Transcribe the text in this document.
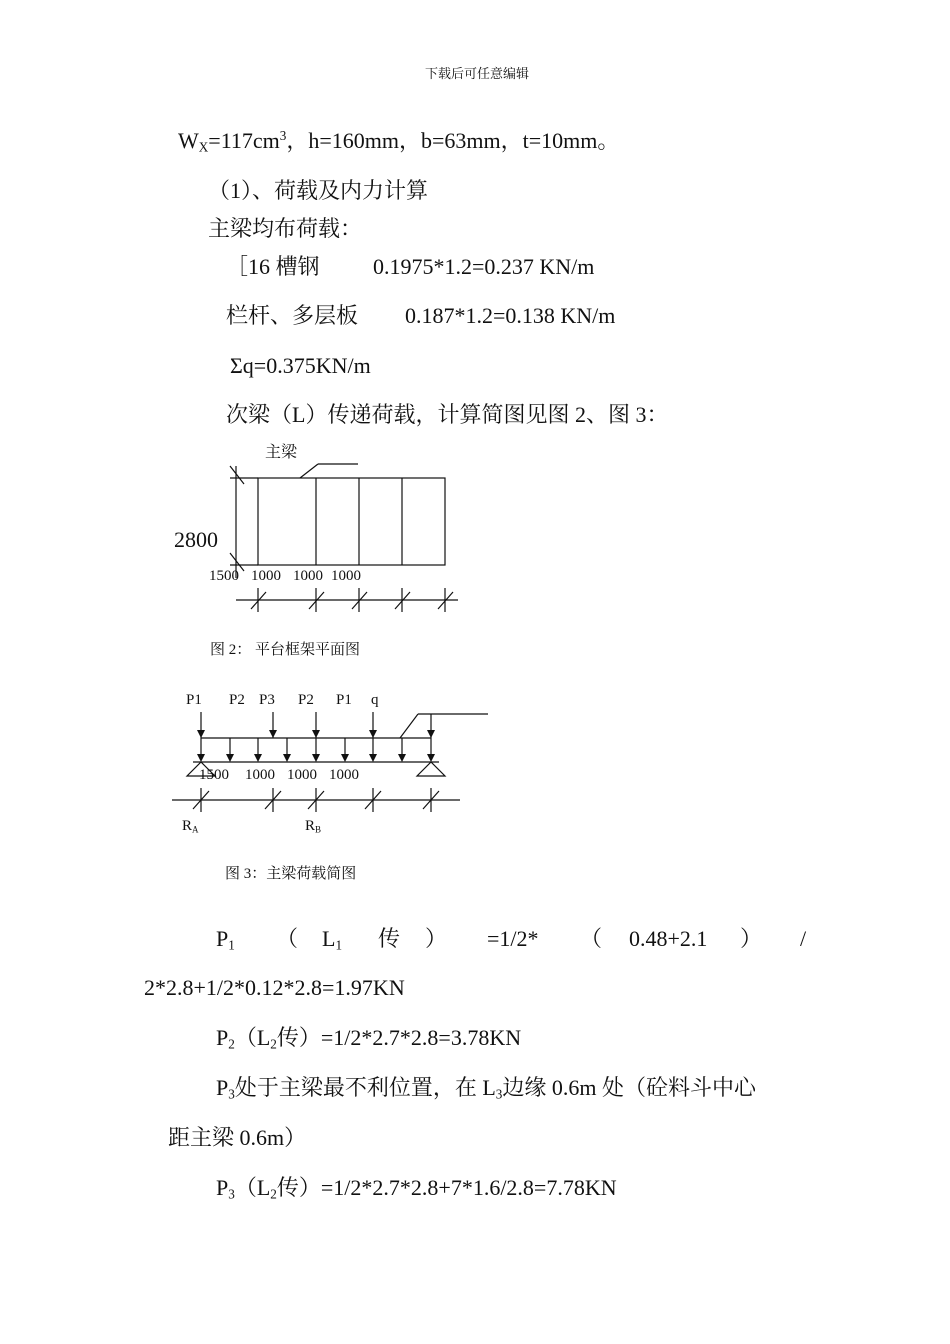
下载后可任意编辑
$W_X=117cm^3$，h=160mm，b=63mm，t=10mm。
（1）、荷载及内力计算
主梁均布荷载：
［16 槽钢 0.1975*1.2=0.237 KN/m
栏杆、多层板 0.187*1.2=0.138 KN/m
Σq=0.375KN/m
次梁（L）传递荷载，计算简图见图 2、图 3：
主梁
2800
1500 1000 1000 1000
图 2： 平台框架平面图
P1 P2 P3 P2 P1 q
1500 1000 1000 1000
$R_A$	$R_B$
图 3：主梁荷载简图
$P_1$ （ $L_1$ 传 ） =1/2* （ 0.48+2.1 ） /
2*2.8+1/2*0.12*2.8=1.97KN
$P_2(L_2$传）=1/2*2.7*2.8=3.78KN
$P_3$处于主梁最不利位置，在 $L_3$边缘 0.6m 处（砼料斗中心
距主梁 0.6m）
$P_3(L_2$传）=1/2*2.7*2.8+7*1.6/2.8=7.78KN
